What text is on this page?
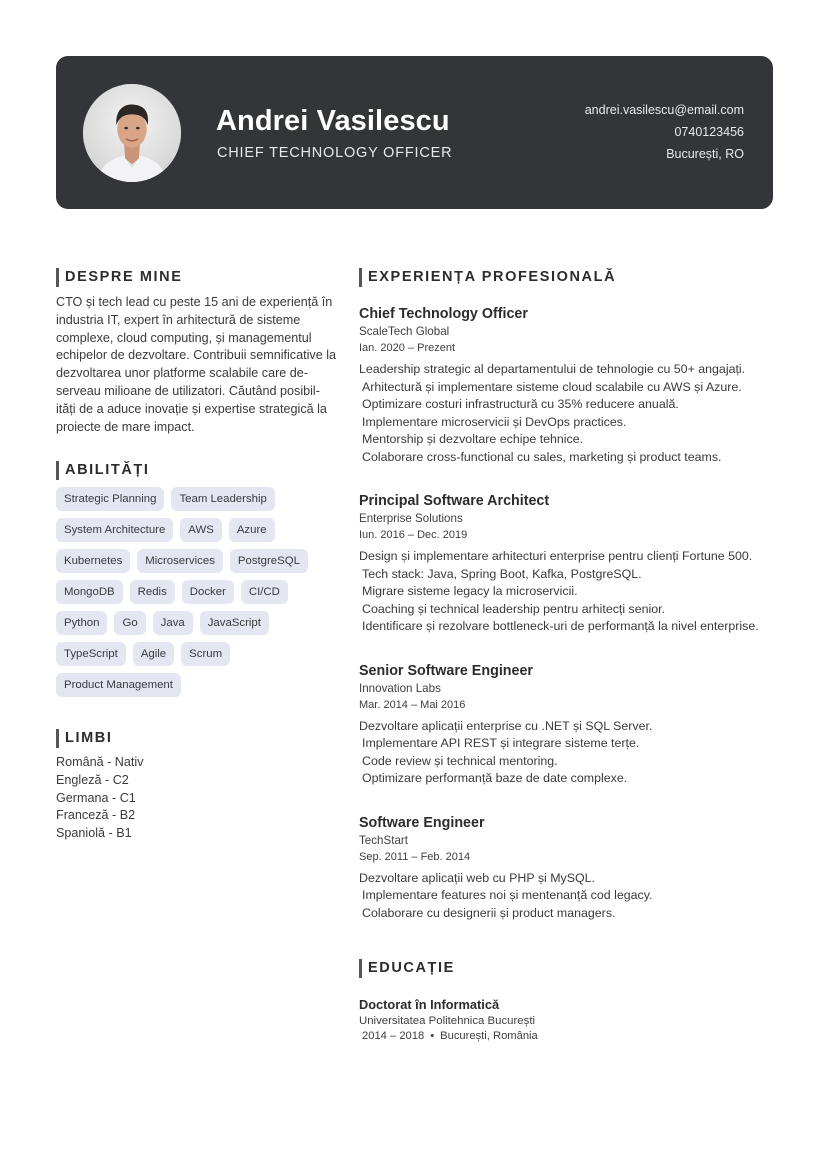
Andrei Vasilescu
CHIEF TECHNOLOGY OFFICER
andrei.vasilescu@email.com
0740123456
București, RO
DESPRE MINE
CTO și tech lead cu peste 15 ani de experiență în industria IT, expert în arhitectură de sisteme complexe, cloud computing, și managementul echipelor de dezvoltare. Contribuii semnificative la dezvoltarea unor platforme scalabile care de-serveau milioane de utilizatori. Căutând posibil-ități de a aduce inovație și expertise strategică la proiecte de mare impact.
ABILITĂȚI
Strategic Planning	Team Leadership
System Architecture	AWS	Azure
Kubernetes	Microservices	PostgreSQL
MongoDB	Redis	Docker	CI/CD
Python	Go	Java	JavaScript
TypeScript	Agile	Scrum
Product Management
LIMBI
Română - Nativ
Engleză - C2
Germana - C1
Franceză - B2
Spaniolă - B1
EXPERIENȚA PROFESIONALĂ
Chief Technology Officer
ScaleTech Global
Ian. 2020 – Prezent
Leadership strategic al departamentului de tehnologie cu 50+ angajați.
Arhitectură și implementare sisteme cloud scalabile cu AWS și Azure.
Optimizare costuri infrastructură cu 35% reducere anuală.
Implementare microservicii și DevOps practices.
Mentorship și dezvoltare echipe tehnice.
Colaborare cross-functional cu sales, marketing și product teams.
Principal Software Architect
Enterprise Solutions
Iun. 2016 – Dec. 2019
Design și implementare arhitecturi enterprise pentru clienți Fortune 500.
Tech stack: Java, Spring Boot, Kafka, PostgreSQL.
Migrare sisteme legacy la microservicii.
Coaching și technical leadership pentru arhitecți senior.
Identificare și rezolvare bottleneck-uri de performanță la nivel enterprise.
Senior Software Engineer
Innovation Labs
Mar. 2014 – Mai 2016
Dezvoltare aplicații enterprise cu .NET și SQL Server.
Implementare API REST și integrare sisteme terțe.
Code review și technical mentoring.
Optimizare performanță baze de date complexe.
Software Engineer
TechStart
Sep. 2011 – Feb. 2014
Dezvoltare aplicații web cu PHP și MySQL.
Implementare features noi și mentenanță cod legacy.
Colaborare cu designerii și product managers.
EDUCAȚIE
Doctorat în Informatică
Universitatea Politehnica București
2014 – 2018 • București, România
